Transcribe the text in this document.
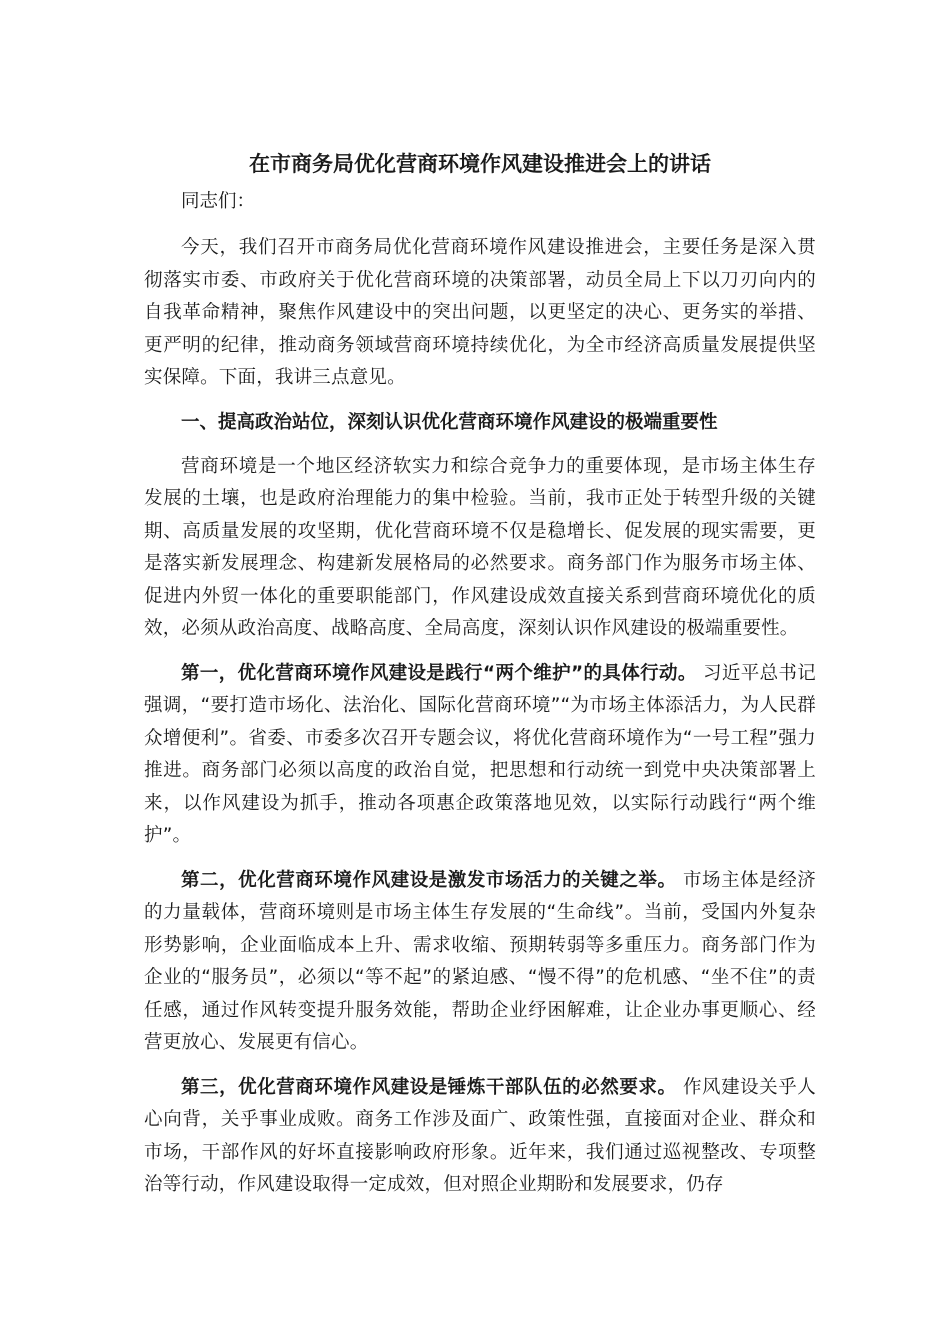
在市商务局优化营商环境作风建设推进会上的讲话

同志们：

今天，我们召开市商务局优化营商环境作风建设推进会，主要任务是深入贯彻落实市委、市政府关于优化营商环境的决策部署，动员全局上下以刀刃向内的自我革命精神，聚焦作风建设中的突出问题，以更坚定的决心、更务实的举措、更严明的纪律，推动商务领域营商环境持续优化，为全市经济高质量发展提供坚实保障。下面，我讲三点意见。

一、提高政治站位，深刻认识优化营商环境作风建设的极端重要性

营商环境是一个地区经济软实力和综合竞争力的重要体现，是市场主体生存发展的土壤，也是政府治理能力的集中检验。当前，我市正处于转型升级的关键期、高质量发展的攻坚期，优化营商环境不仅是稳增长、促发展的现实需要，更是落实新发展理念、构建新发展格局的必然要求。商务部门作为服务市场主体、促进内外贸一体化的重要职能部门，作风建设成效直接关系到营商环境优化的质效，必须从政治高度、战略高度、全局高度，深刻认识作风建设的极端重要性。

第一，优化营商环境作风建设是践行“两个维护”的具体行动。 习近平总书记强调，“要打造市场化、法治化、国际化营商环境”“为市场主体添活力，为人民群众增便利”。省委、市委多次召开专题会议，将优化营商环境作为“一号工程”强力推进。商务部门必须以高度的政治自觉，把思想和行动统一到党中央决策部署上来，以作风建设为抓手，推动各项惠企政策落地见效，以实际行动践行“两个维护”。

第二，优化营商环境作风建设是激发市场活力的关键之举。 市场主体是经济的力量载体，营商环境则是市场主体生存发展的“生命线”。当前，受国内外复杂形势影响，企业面临成本上升、需求收缩、预期转弱等多重压力。商务部门作为企业的“服务员”，必须以“等不起”的紧迫感、“慢不得”的危机感、“坐不住”的责任感，通过作风转变提升服务效能，帮助企业纾困解难，让企业办事更顺心、经营更放心、发展更有信心。

第三，优化营商环境作风建设是锤炼干部队伍的必然要求。 作风建设关乎人心向背，关乎事业成败。商务工作涉及面广、政策性强，直接面对企业、群众和市场，干部作风的好坏直接影响政府形象。近年来，我们通过巡视整改、专项整治等行动，作风建设取得一定成效，但对照企业期盼和发展要求，仍存
